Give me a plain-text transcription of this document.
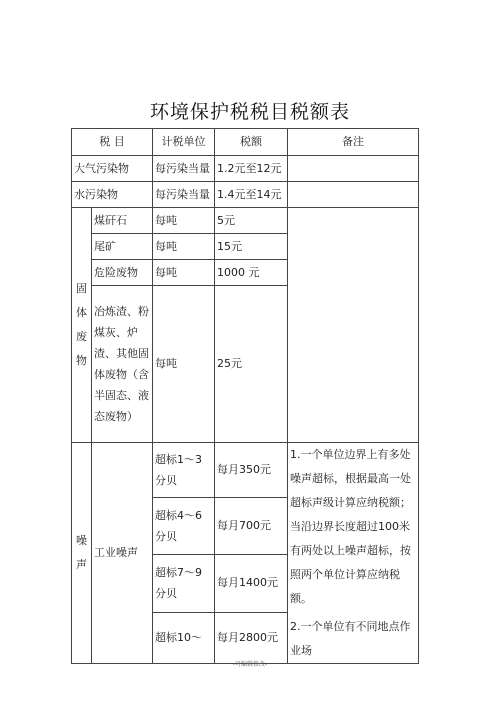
环境保护税税目税额表
税 目		计税单位	税额	备注
大气污染物		每污染当量	1.2元至12元	
水污染物		每污染当量	1.4元至14元	
固体废物	煤矸石	每吨	5元	
	尾矿	每吨	15元	
	危险废物	每吨	1000 元	
	冶炼渣、粉煤灰、炉渣、其他固体废物（含半固态、液态废物）	每吨	25元	
噪声	工业噪声	超标1～3分贝	每月350元	1.一个单位边界上有多处噪声超标，根据最高一处超标声级计算应纳税额；当沿边界长度超过100米有两处以上噪声超标，按照两个单位计算应纳税额。
2.一个单位有不同地点作业场

		超标4～6分贝	每月700元	
		超标7～9分贝	每月1400元	
		超标10～	每月2800元	
-可编辑修改-
